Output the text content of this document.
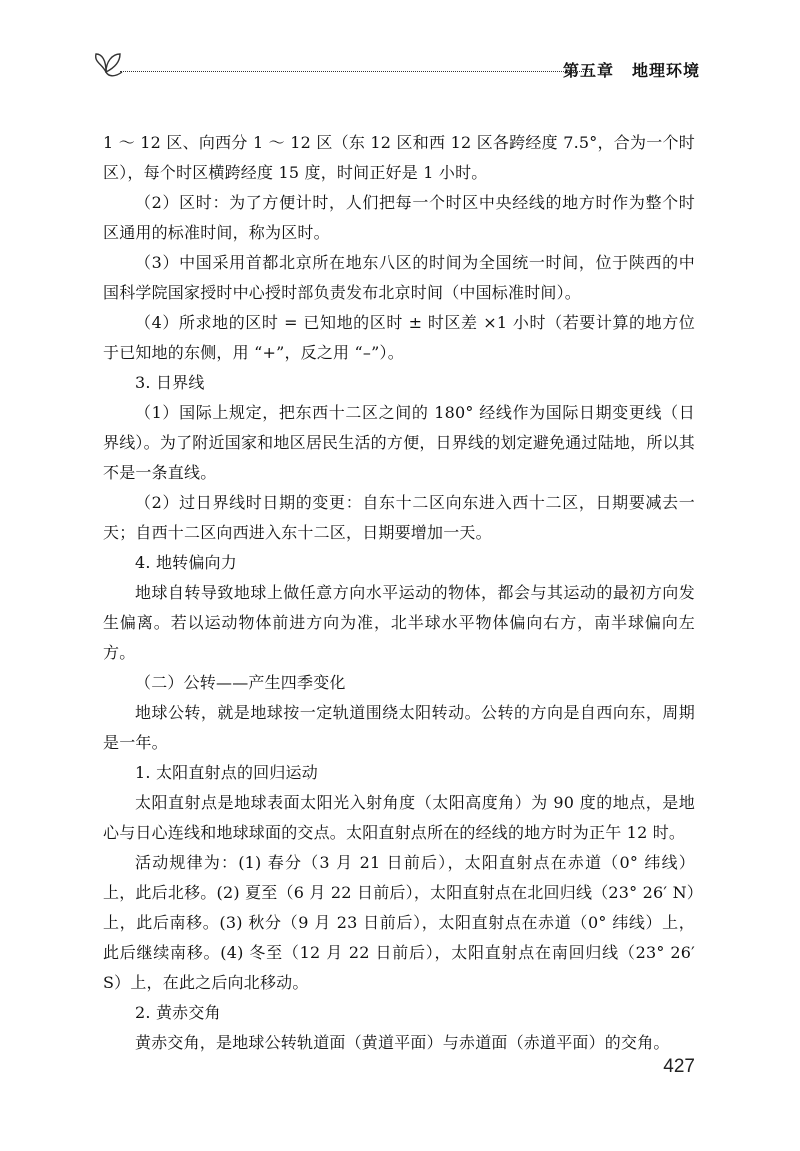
第五章 地理环境

1 ～ 12 区、向西分 1 ～ 12 区（东 12 区和西 12 区各跨经度 7.5°，合为一个时区），每个时区横跨经度 15 度，时间正好是 1 小时。

（2）区时：为了方便计时，人们把每一个时区中央经线的地方时作为整个时区通用的标准时间，称为区时。

（3）中国采用首都北京所在地东八区的时间为全国统一时间，位于陕西的中国科学院国家授时中心授时部负责发布北京时间（中国标准时间）。

（4）所求地的区时 = 已知地的区时 ± 时区差 ×1 小时（若要计算的地方位于已知地的东侧，用 “+”，反之用 “–”）。

3. 日界线

（1）国际上规定，把东西十二区之间的 180° 经线作为国际日期变更线（日界线）。为了附近国家和地区居民生活的方便，日界线的划定避免通过陆地，所以其不是一条直线。

（2）过日界线时日期的变更：自东十二区向东进入西十二区，日期要减去一天；自西十二区向西进入东十二区，日期要增加一天。

4. 地转偏向力

地球自转导致地球上做任意方向水平运动的物体，都会与其运动的最初方向发生偏离。若以运动物体前进方向为准，北半球水平物体偏向右方，南半球偏向左方。

（二）公转——产生四季变化

地球公转，就是地球按一定轨道围绕太阳转动。公转的方向是自西向东，周期是一年。

1. 太阳直射点的回归运动

太阳直射点是地球表面太阳光入射角度（太阳高度角）为 90 度的地点，是地心与日心连线和地球球面的交点。太阳直射点所在的经线的地方时为正午 12 时。

活动规律为：(1) 春分（3 月 21 日前后），太阳直射点在赤道（0° 纬线）上，此后北移。(2) 夏至（6 月 22 日前后），太阳直射点在北回归线（23° 26′ N）上，此后南移。(3) 秋分（9 月 23 日前后），太阳直射点在赤道（0° 纬线）上，此后继续南移。(4) 冬至（12 月 22 日前后），太阳直射点在南回归线（23° 26′ S）上，在此之后向北移动。

2. 黄赤交角

黄赤交角，是地球公转轨道面（黄道平面）与赤道面（赤道平面）的交角。

427
